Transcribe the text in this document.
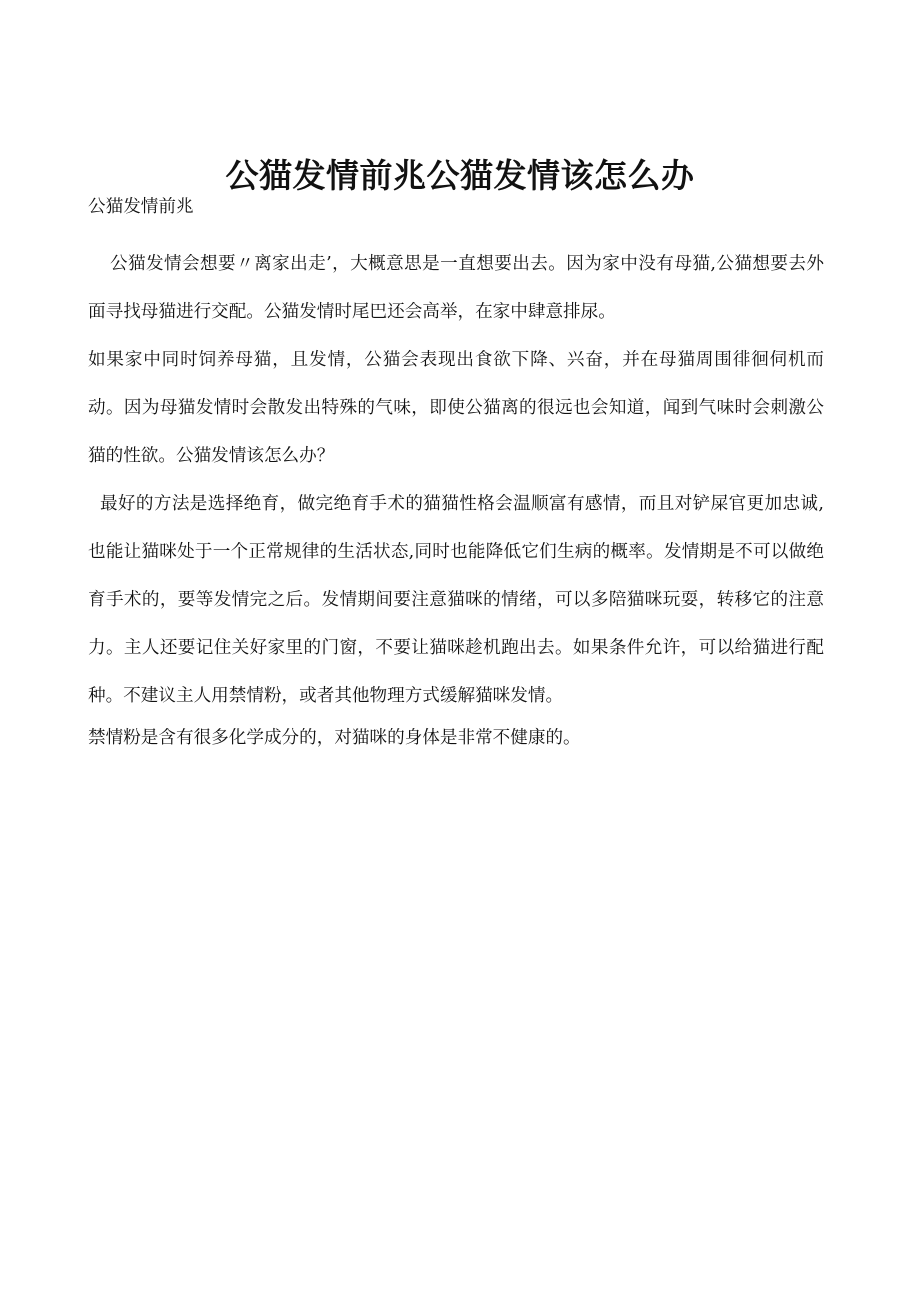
公猫发情前兆公猫发情该怎么办

公猫发情前兆

公猫发情会想要〃离家出走’，大概意思是一直想要出去。因为家中没有母猫,公猫想要去外面寻找母猫进行交配。公猫发情时尾巴还会高举，在家中肆意排尿。

如果家中同时饲养母猫，且发情，公猫会表现出食欲下降、兴奋，并在母猫周围徘徊伺机而动。因为母猫发情时会散发出特殊的气味，即使公猫离的很远也会知道，闻到气味时会刺激公猫的性欲。公猫发情该怎么办？

最好的方法是选择绝育，做完绝育手术的猫猫性格会温顺富有感情，而且对铲屎官更加忠诚,也能让猫咪处于一个正常规律的生活状态,同时也能降低它们生病的概率。发情期是不可以做绝育手术的，要等发情完之后。发情期间要注意猫咪的情绪，可以多陪猫咪玩耍，转移它的注意力。主人还要记住关好家里的门窗，不要让猫咪趁机跑出去。如果条件允许，可以给猫进行配种。不建议主人用禁情粉，或者其他物理方式缓解猫咪发情。

禁情粉是含有很多化学成分的，对猫咪的身体是非常不健康的。
